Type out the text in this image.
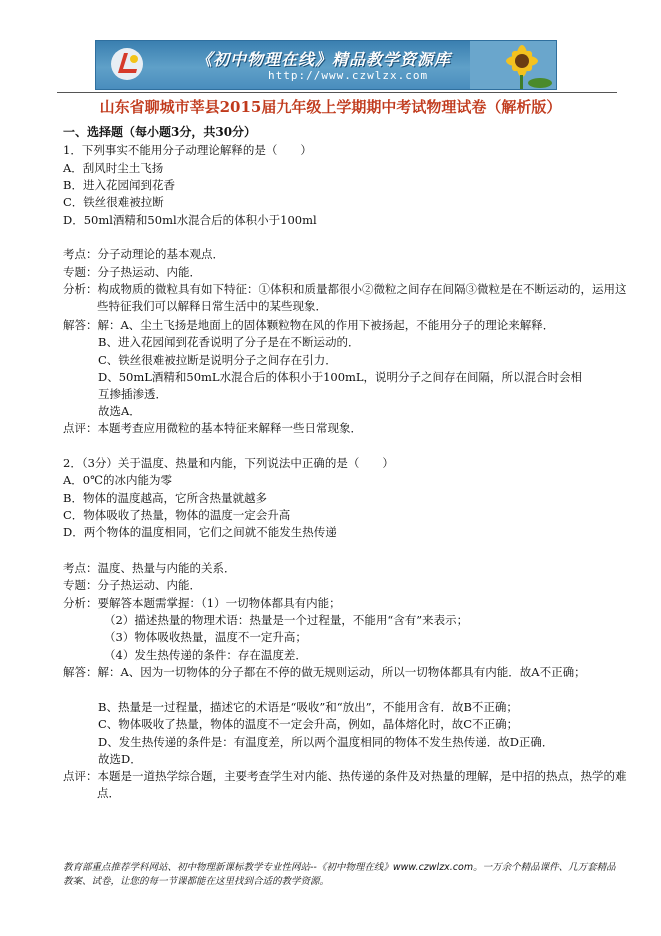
《初中物理在线》精品教学资源库
http://www.czwlzx.com
山东省聊城市莘县2015届九年级上学期期中考试物理试卷（解析版）
一、选择题（每小题3分，共30分）
1．下列事实不能用分子动理论解释的是（　　）
A．刮风时尘土飞扬
B．进入花园闻到花香
C．铁丝很难被拉断
D．50ml酒精和50ml水混合后的体积小于100ml
考点：分子动理论的基本观点．
专题：分子热运动、内能．
分析：构成物质的微粒具有如下特征：①体积和质量都很小②微粒之间存在间隔③微粒是在不断运动的，运用这些特征我们可以解释日常生活中的某些现象．
解答：解：A、尘土飞扬是地面上的固体颗粒物在风的作用下被扬起，不能用分子的理论来解释．
B、进入花园闻到花香说明了分子是在不断运动的．
C、铁丝很难被拉断是说明分子之间存在引力．
D、50mL酒精和50mL水混合后的体积小于100mL，说明分子之间存在间隔，所以混合时会相互掺插渗透．
故选A．
点评：本题考查应用微粒的基本特征来解释一些日常现象．
2．（3分）关于温度、热量和内能，下列说法中正确的是（　　）
A．0℃的冰内能为零
B．物体的温度越高，它所含热量就越多
C．物体吸收了热量，物体的温度一定会升高
D．两个物体的温度相同，它们之间就不能发生热传递
考点：温度、热量与内能的关系．
专题：分子热运动、内能．
分析：要解答本题需掌握：（1）一切物体都具有内能；
（2）描述热量的物理术语：热量是一个过程量，不能用“含有”来表示；
（3）物体吸收热量，温度不一定升高；
（4）发生热传递的条件：存在温度差．
解答：解：A、因为一切物体的分子都在不停的做无规则运动，所以一切物体都具有内能．故A不正确；
B、热量是一过程量，描述它的术语是“吸收”和“放出”，不能用含有．故B不正确；
C、物体吸收了热量，物体的温度不一定会升高，例如，晶体熔化时，故C不正确；
D、发生热传递的条件是：有温度差，所以两个温度相同的物体不发生热传递．故D正确．
故选D．
点评：本题是一道热学综合题，主要考查学生对内能、热传递的条件及对热量的理解，是中招的热点，热学的难点．
教育部重点推荐学科网站、初中物理新课标教学专业性网站--《初中物理在线》www.czwlzx.com。一万余个精品课件、几万套精品教案、试卷，让您的每一节课都能在这里找到合适的教学资源。
